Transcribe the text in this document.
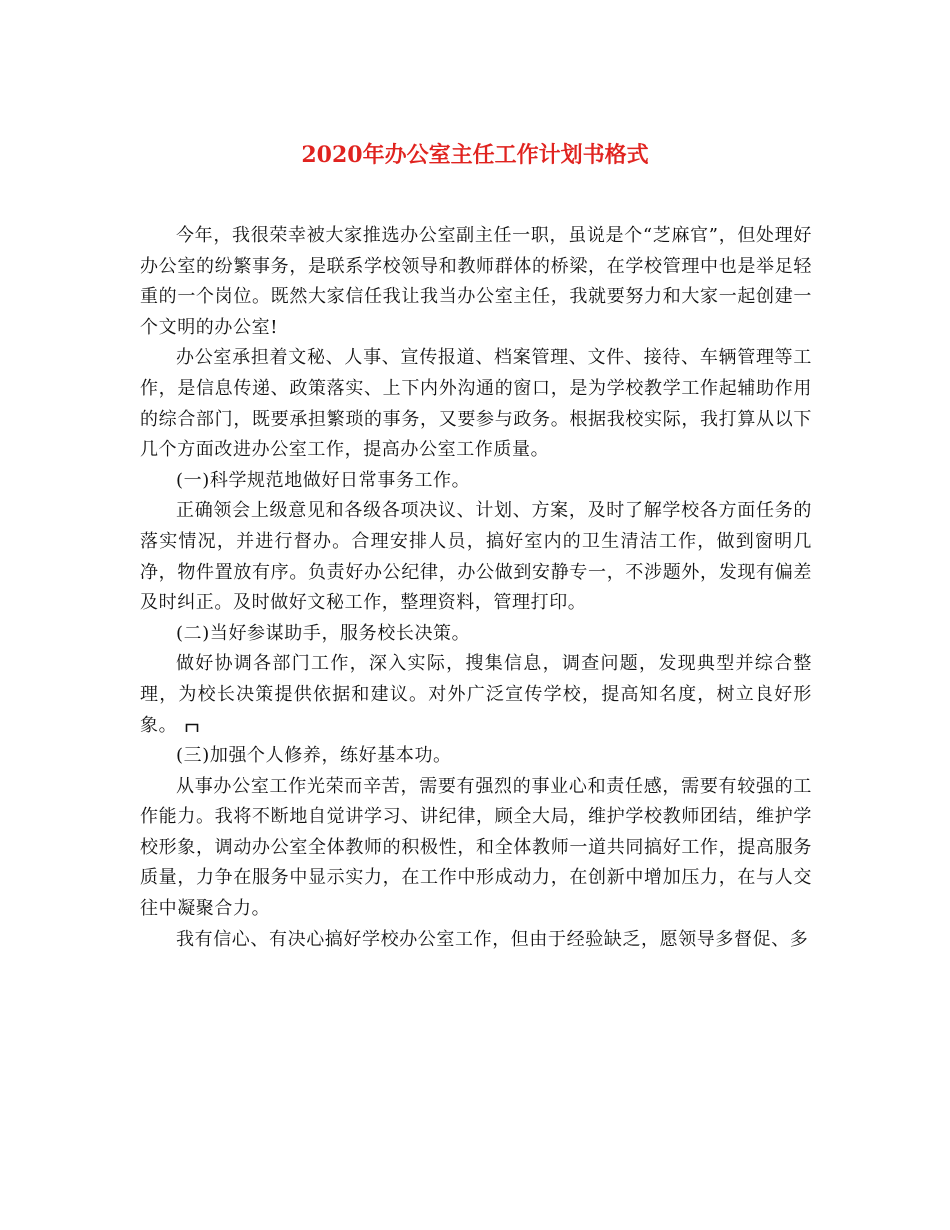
2020年办公室主任工作计划书格式

今年，我很荣幸被大家推选办公室副主任一职，虽说是个“芝麻官”，但处理好办公室的纷繁事务，是联系学校领导和教师群体的桥梁，在学校管理中也是举足轻重的一个岗位。既然大家信任我让我当办公室主任，我就要努力和大家一起创建一个文明的办公室!

办公室承担着文秘、人事、宣传报道、档案管理、文件、接待、车辆管理等工作，是信息传递、政策落实、上下内外沟通的窗口，是为学校教学工作起辅助作用的综合部门，既要承担繁琐的事务，又要参与政务。根据我校实际，我打算从以下几个方面改进办公室工作，提高办公室工作质量。

(一)科学规范地做好日常事务工作。

正确领会上级意见和各级各项决议、计划、方案，及时了解学校各方面任务的落实情况，并进行督办。合理安排人员，搞好室内的卫生清洁工作，做到窗明几净，物件置放有序。负责好办公纪律，办公做到安静专一，不涉题外，发现有偏差及时纠正。及时做好文秘工作，整理资料，管理打印。

(二)当好参谋助手，服务校长决策。

做好协调各部门工作，深入实际，搜集信息，调查问题，发现典型并综合整理，为校长决策提供依据和建议。对外广泛宣传学校，提高知名度，树立良好形象。

(三)加强个人修养，练好基本功。

从事办公室工作光荣而辛苦，需要有强烈的事业心和责任感，需要有较强的工作能力。我将不断地自觉讲学习、讲纪律，顾全大局，维护学校教师团结，维护学校形象，调动办公室全体教师的积极性，和全体教师一道共同搞好工作，提高服务质量，力争在服务中显示实力，在工作中形成动力，在创新中增加压力，在与人交往中凝聚合力。

我有信心、有决心搞好学校办公室工作，但由于经验缺乏，愿领导多督促、多
